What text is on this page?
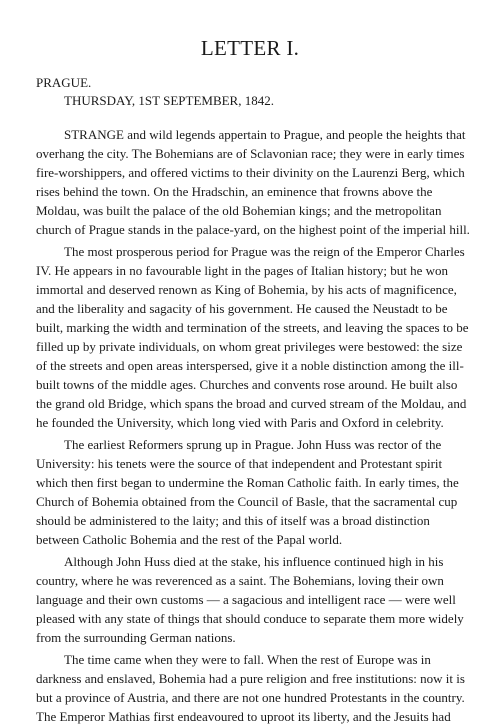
LETTER I.
PRAGUE.
THURSDAY, 1ST SEPTEMBER, 1842.

STRANGE and wild legends appertain to Prague, and people the heights that overhang the city. The Bohemians are of Sclavonian race; they were in early times fire-worshippers, and offered victims to their divinity on the Laurenzi Berg, which rises behind the town. On the Hradschin, an eminence that frowns above the Moldau, was built the palace of the old Bohemian kings; and the metropolitan church of Prague stands in the palace-yard, on the highest point of the imperial hill.

The most prosperous period for Prague was the reign of the Emperor Charles IV. He appears in no favourable light in the pages of Italian history; but he won immortal and deserved renown as King of Bohemia, by his acts of magnificence, and the liberality and sagacity of his government. He caused the Neustadt to be built, marking the width and termination of the streets, and leaving the spaces to be filled up by private individuals, on whom great privileges were bestowed: the size of the streets and open areas interspersed, give it a noble distinction among the ill-built towns of the middle ages. Churches and convents rose around. He built also the grand old Bridge, which spans the broad and curved stream of the Moldau, and he founded the University, which long vied with Paris and Oxford in celebrity.

The earliest Reformers sprung up in Prague. John Huss was rector of the University: his tenets were the source of that independent and Protestant spirit which then first began to undermine the Roman Catholic faith. In early times, the Church of Bohemia obtained from the Council of Basle, that the sacramental cup should be administered to the laity; and this of itself was a broad distinction between Catholic Bohemia and the rest of the Papal world.

Although John Huss died at the stake, his influence continued high in his country, where he was reverenced as a saint. The Bohemians, loving their own language and their own customs — a sagacious and intelligent race — were well pleased with any state of things that should conduce to separate them more widely from the surrounding German nations.

The time came when they were to fall. When the rest of Europe was in darkness and enslaved, Bohemia had a pure religion and free institutions: now it is but a province of Austria, and there are not one hundred Protestants in the country. The Emperor Mathias first endeavoured to uproot its liberty, and the Jesuits had
